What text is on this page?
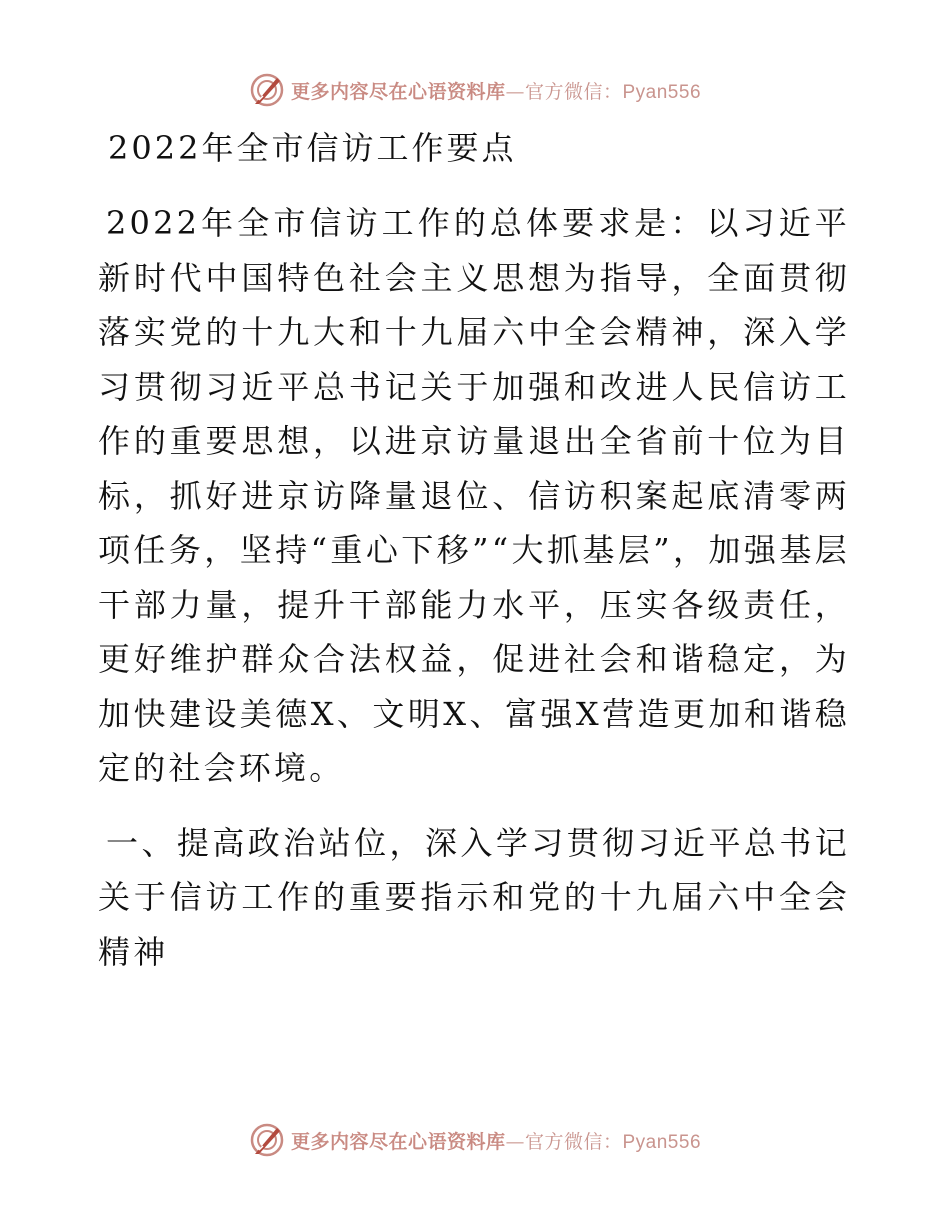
更多内容尽在心语资料库—官方微信：Pyan556
2022年全市信访工作要点

2022年全市信访工作的总体要求是：以习近平新时代中国特色社会主义思想为指导，全面贯彻落实党的十九大和十九届六中全会精神，深入学习贯彻习近平总书记关于加强和改进人民信访工作的重要思想，以进京访量退出全省前十位为目标，抓好进京访降量退位、信访积案起底清零两项任务，坚持“重心下移”“大抓基层”，加强基层干部力量，提升干部能力水平，压实各级责任， 更好维护群众合法权益，促进社会和谐稳定，为加快建设美德X、文明X、富强X营造更加和谐稳定的社会环境。

一、提高政治站位，深入学习贯彻习近平总书记关于信访工作的重要指示和党的十九届六中全会精神

更多内容尽在心语资料库—官方微信：Pyan556
